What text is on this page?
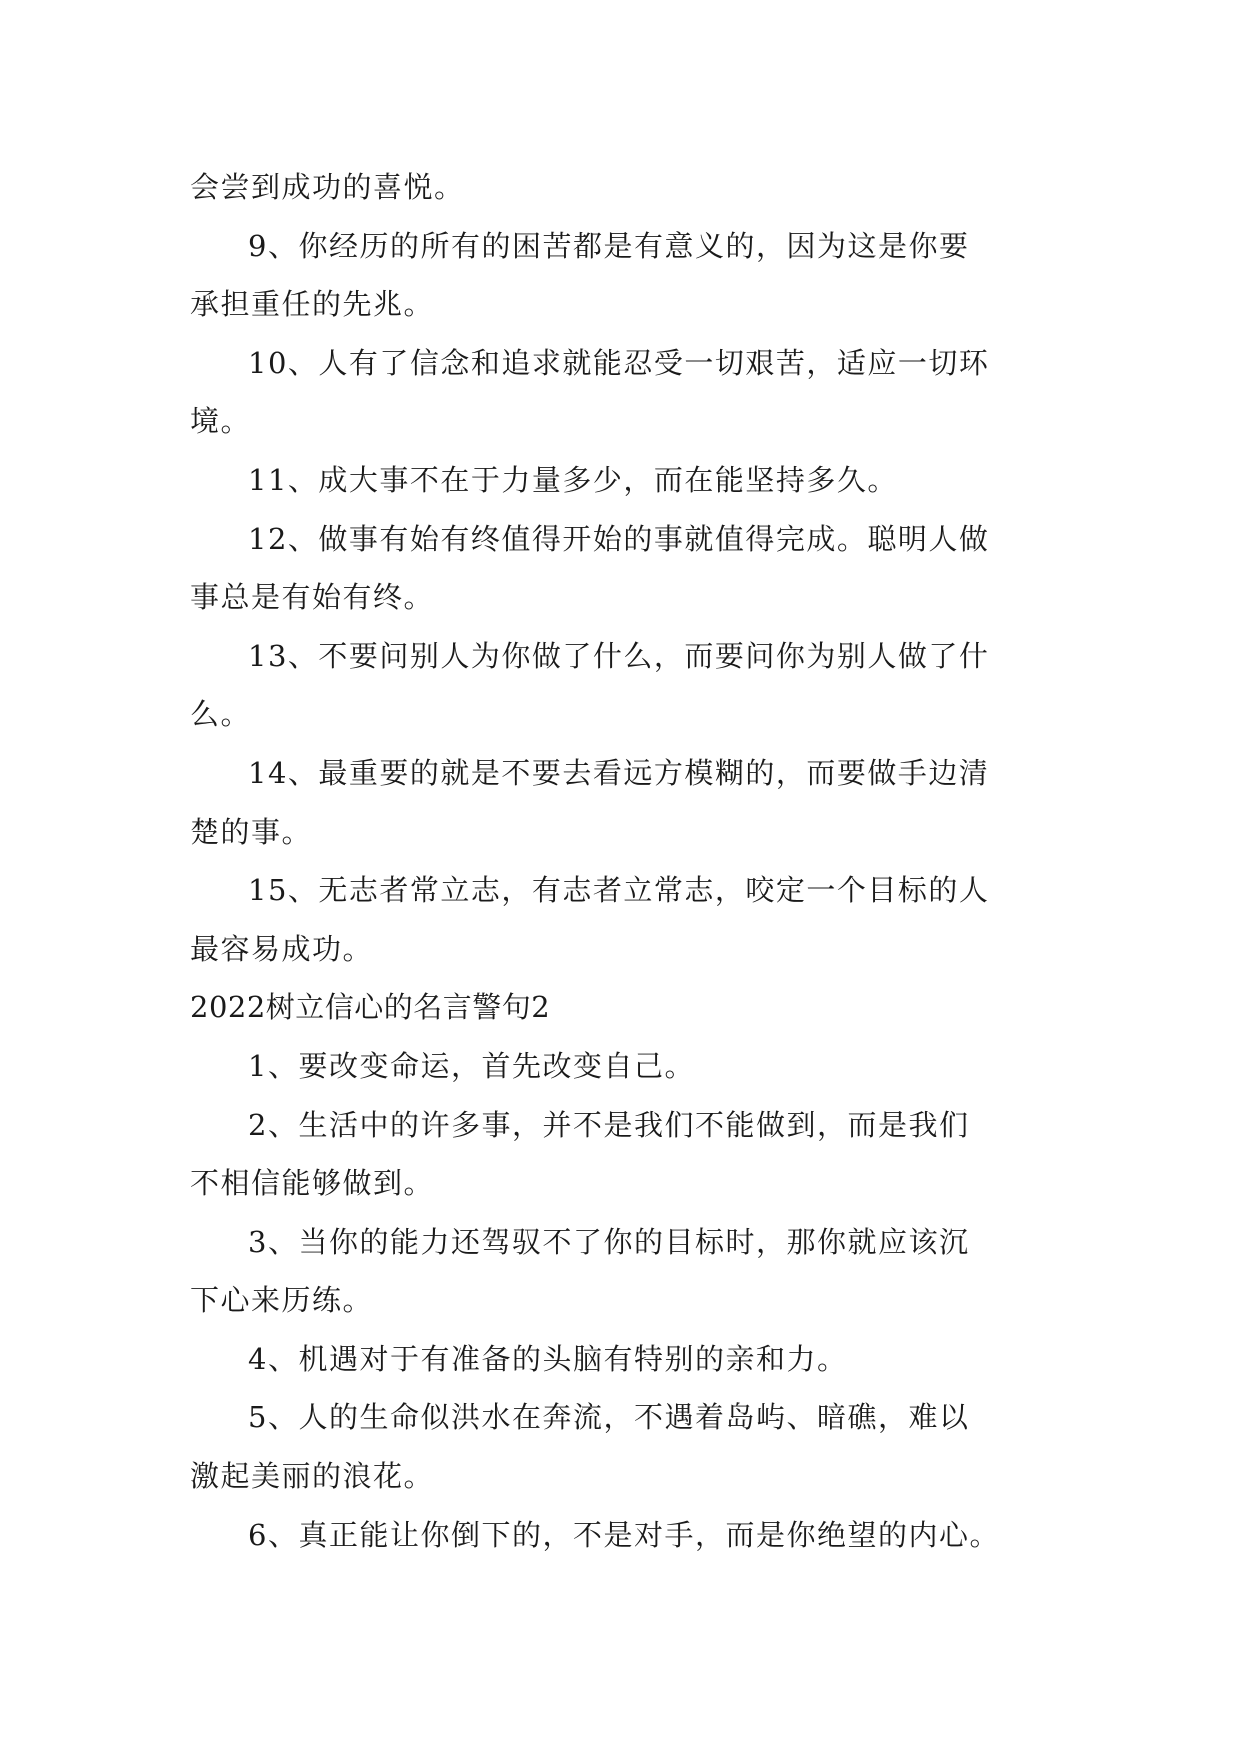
会尝到成功的喜悦。
9、你经历的所有的困苦都是有意义的，因为这是你要
承担重任的先兆。
10、人有了信念和追求就能忍受一切艰苦，适应一切环
境。
11、成大事不在于力量多少，而在能坚持多久。
12、做事有始有终值得开始的事就值得完成。聪明人做
事总是有始有终。
13、不要问别人为你做了什么，而要问你为别人做了什
么。
14、最重要的就是不要去看远方模糊的，而要做手边清
楚的事。
15、无志者常立志，有志者立常志，咬定一个目标的人
最容易成功。
2022树立信心的名言警句2
1、要改变命运，首先改变自己。
2、生活中的许多事，并不是我们不能做到，而是我们
不相信能够做到。
3、当你的能力还驾驭不了你的目标时，那你就应该沉
下心来历练。
4、机遇对于有准备的头脑有特别的亲和力。
5、人的生命似洪水在奔流，不遇着岛屿、暗礁，难以
激起美丽的浪花。
6、真正能让你倒下的，不是对手，而是你绝望的内心。
